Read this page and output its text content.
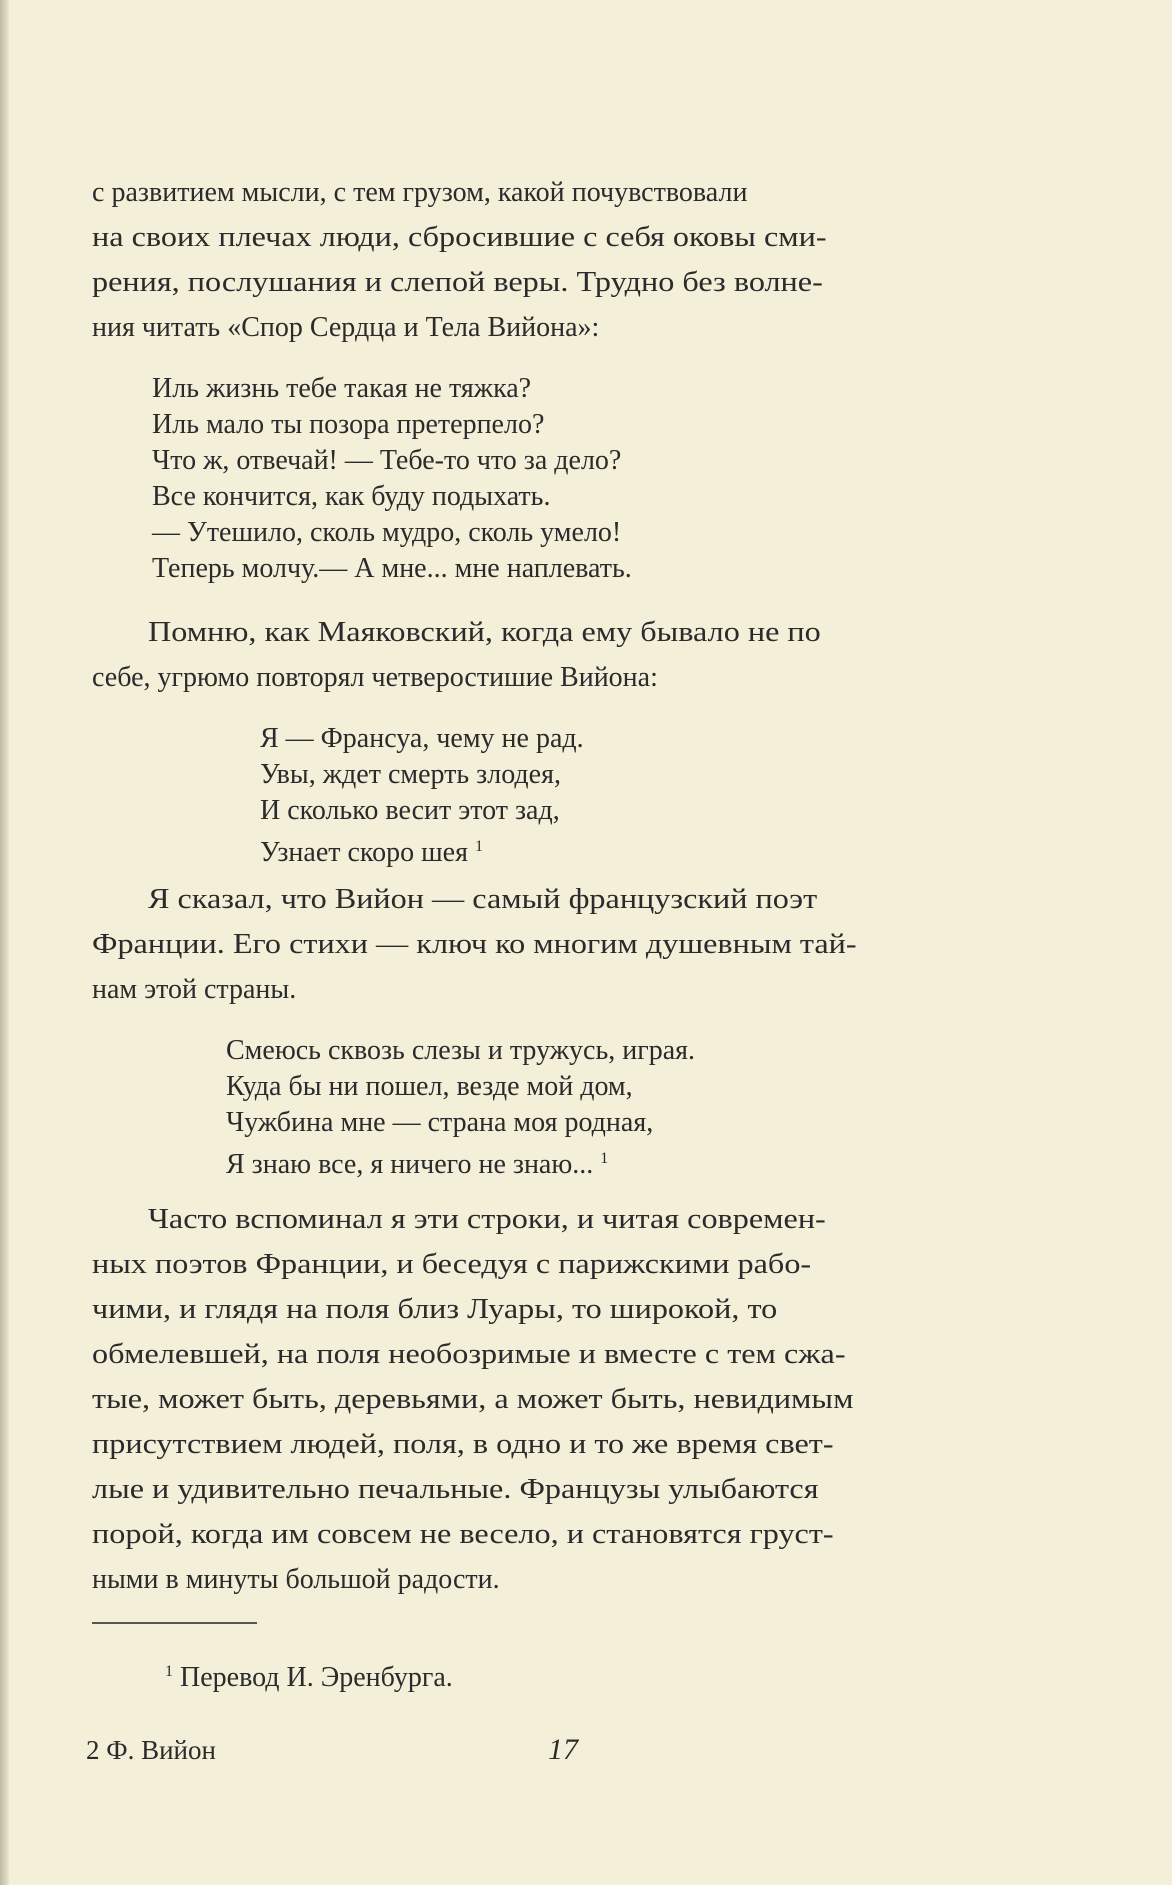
с развитием мысли, с тем грузом, какой почувствовали
на своих плечах люди, сбросившие с себя оковы сми-
рения, послушания и слепой веры. Трудно без волне-
ния читать «Спор Сердца и Тела Вийона»:
Иль жизнь тебе такая не тяжка?
Иль мало ты позора претерпело?
Что ж, отвечай! — Тебе-то что за дело?
Все кончится, как буду подыхать.
— Утешило, сколь мудро, сколь умело!
Теперь молчу.— А мне... мне наплевать.
Помню, как Маяковский, когда ему бывало не по
себе, угрюмо повторял четверостишие Вийона:
Я — Франсуа, чему не рад.
Увы, ждет смерть злодея,
И сколько весит этот зад,
Узнает скоро шея $^1$
Я сказал, что Вийон — самый французский поэт
Франции. Его стихи — ключ ко многим душевным тай-
нам этой страны.
Смеюсь сквозь слезы и тружусь, играя.
Куда бы ни пошел, везде мой дом,
Чужбина мне — страна моя родная,
Я знаю все, я ничего не знаю... $^1$
Часто вспоминал я эти строки, и читая современ-
ных поэтов Франции, и беседуя с парижскими рабо-
чими, и глядя на поля близ Луары, то широкой, то
обмелевшей, на поля необозримые и вместе с тем сжа-
тые, может быть, деревьями, а может быть, невидимым
присутствием людей, поля, в одно и то же время свет-
лые и удивительно печальные. Французы улыбаются
порой, когда им совсем не весело, и становятся груст-
ными в минуты большой радости.
$^1$ Перевод И. Эренбурга.
2 Ф. Вийон	17
